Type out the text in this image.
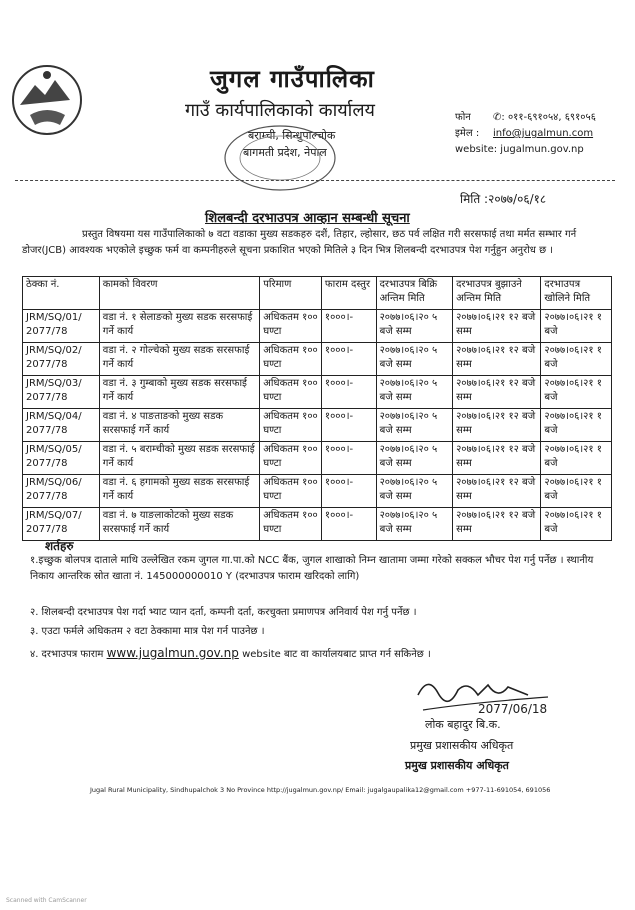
जुगल गाउँपालिका
गाउँ कार्यपालिकाको कार्यालय
बराम्ची, सिन्धुपाल्चोक
बागमती प्रदेश, नेपाल
फोन ✆: ०११-६९१०५४, ६९१०५६
इमेल : info@jugalmun.com
website: jugalmun.gov.np
मिति :२०७७/०६/१८
शिलबन्दी दरभाउपत्र आव्हान सम्बन्धी सूचना
प्रस्तुत विषयमा यस गाउँपालिकाको ७ वटा वडाका मुख्य सडकहरु दशैं, तिहार, ल्होसार, छठ पर्व लक्षित गरी सरसफाई तथा मर्मत सम्भार गर्न डोजर(JCB) आवश्यक भएकोले इच्छुक फर्म वा कम्पनीहरुले सूचना प्रकाशित भएको मितिले ३ दिन भित्र शिलबन्दी दरभाउपत्र पेश गर्नुहुन अनुरोध छ ।
ठेक्का नं.	कामको विवरण	परिमाण	फाराम दस्तुर	दरभाउपत्र बिक्रि अन्तिम मिति	दरभाउपत्र बुझाउने अन्तिम मिति	दरभाउपत्र खोलिने मिति
JRM/SQ/01/ 2077/78	वडा नं. १ सेलाङको मुख्य सडक सरसफाई गर्ने कार्य	अधिकतम १०० घण्टा	१०००।-	२०७७।०६।२० ५ बजे सम्म	२०७७।०६।२१ १२ बजे सम्म	२०७७।०६।२१ १ बजे
JRM/SQ/02/ 2077/78	वडा नं. २ गोल्चेको मुख्य सडक सरसफाई गर्ने कार्य	अधिकतम १०० घण्टा	१०००।-	२०७७।०६।२० ५ बजे सम्म	२०७७।०६।२१ १२ बजे सम्म	२०७७।०६।२१ १ बजे
JRM/SQ/03/ 2077/78	वडा नं. ३ गुम्बाको मुख्य सडक सरसफाई गर्ने कार्य	अधिकतम १०० घण्टा	१०००।-	२०७७।०६।२० ५ बजे सम्म	२०७७।०६।२१ १२ बजे सम्म	२०७७।०६।२१ १ बजे
JRM/SQ/04/ 2077/78	वडा नं. ४ पाङताङको मुख्य सडक सरसफाई गर्ने कार्य	अधिकतम १०० घण्टा	१०००।-	२०७७।०६।२० ५ बजे सम्म	२०७७।०६।२१ १२ बजे सम्म	२०७७।०६।२१ १ बजे
JRM/SQ/05/ 2077/78	वडा नं. ५ बराम्चीको मुख्य सडक सरसफाई गर्ने कार्य	अधिकतम १०० घण्टा	१०००।-	२०७७।०६।२० ५ बजे सम्म	२०७७।०६।२१ १२ बजे सम्म	२०७७।०६।२१ १ बजे
JRM/SQ/06/ 2077/78	वडा नं. ६ हगामको मुख्य सडक सरसफाई गर्ने कार्य	अधिकतम १०० घण्टा	१०००।-	२०७७।०६।२० ५ बजे सम्म	२०७७।०६।२१ १२ बजे सम्म	२०७७।०६।२१ १ बजे
JRM/SQ/07/ 2077/78	वडा नं. ७ याङलाकोटको मुख्य सडक सरसफाई गर्ने कार्य	अधिकतम १०० घण्टा	१०००।-	२०७७।०६।२० ५ बजे सम्म	२०७७।०६।२१ १२ बजे सम्म	२०७७।०६।२१ १ बजे
शर्तहरु
१.इच्छुक बोलपत्र दाताले माथि उल्लेखित रकम जुगल गा.पा.को NCC बैंक, जुगल शाखाको निम्न खातामा जम्मा गरेको सक्कल भौचर पेश गर्नु पर्नेछ । स्थानीय निकाय आन्तरिक स्रोत खाता नं. 145000000010 Y (दरभाउपत्र फाराम खरिदको लागि)
२. शिलबन्दी दरभाउपत्र पेश गर्दा भ्याट प्यान दर्ता, कम्पनी दर्ता, करचुक्ता प्रमाणपत्र अनिवार्य पेश गर्नु पर्नेछ ।
३. एउटा फर्मले अधिकतम २ वटा ठेक्कामा मात्र पेश गर्न पाउनेछ ।
४. दरभाउपत्र फाराम www.jugalmun.gov.np website बाट वा कार्यालयबाट प्राप्त गर्न सकिनेछ ।
2077/06/18
लोक बहादुर बि.क.
प्रमुख प्रशासकीय अधिकृत
प्रमुख प्रशासकीय अधिकृत
Jugal Rural Municipality, Sindhupalchok 3 No Province http://jugalmun.gov.np/ Email: jugalgaupalika12@gmail.com +977-11-691054, 691056
Scanned with CamScanner
